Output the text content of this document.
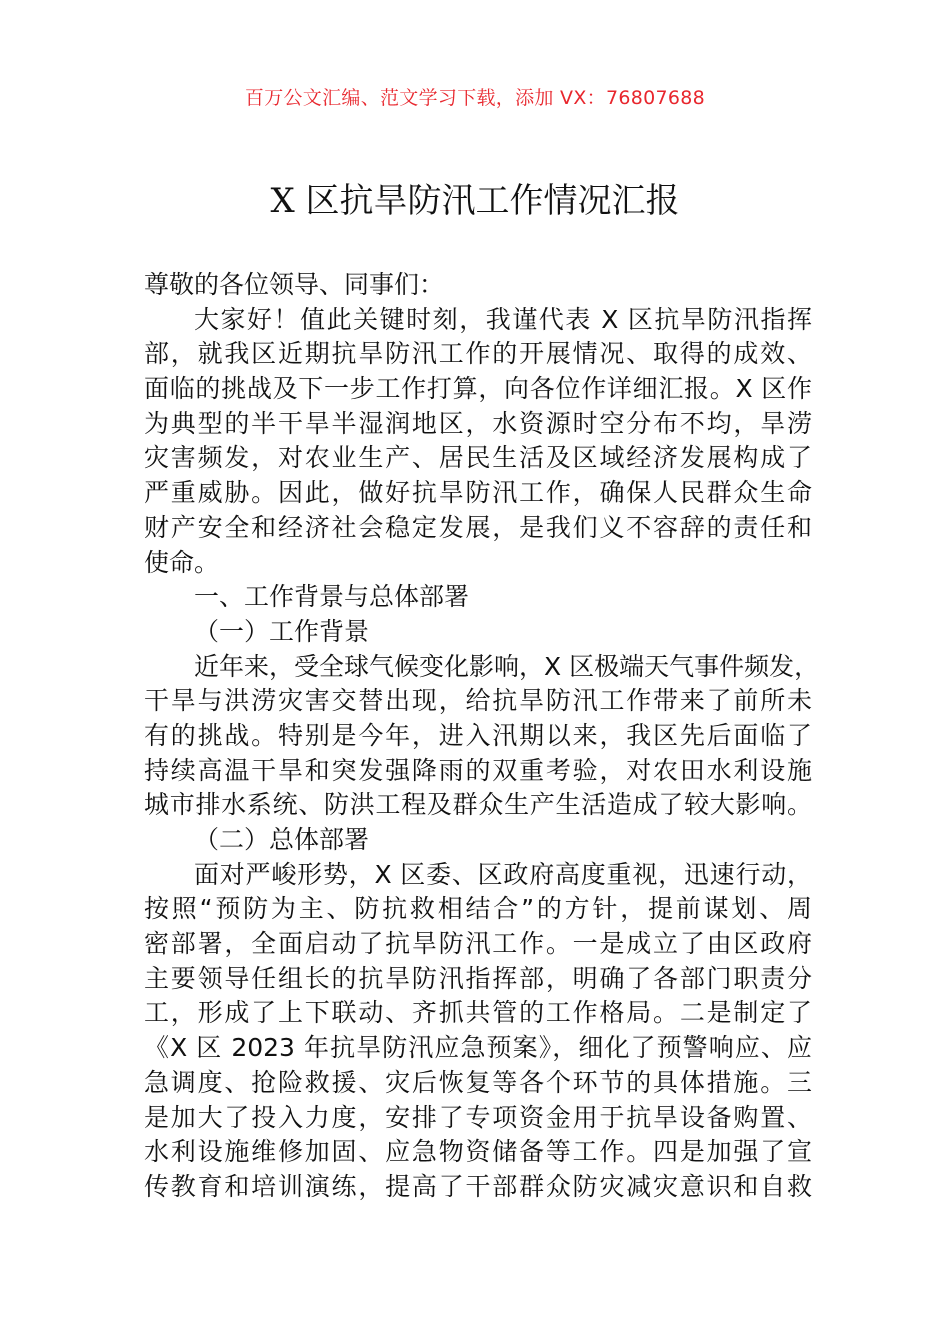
百万公文汇编、范文学习下载，添加 VX：76807688
X 区抗旱防汛工作情况汇报
尊敬的各位领导、同事们：
大家好！值此关键时刻，我谨代表 X 区抗旱防汛指挥
部，就我区近期抗旱防汛工作的开展情况、取得的成效、
面临的挑战及下一步工作打算，向各位作详细汇报。X 区作
为典型的半干旱半湿润地区，水资源时空分布不均，旱涝
灾害频发，对农业生产、居民生活及区域经济发展构成了
严重威胁。因此，做好抗旱防汛工作，确保人民群众生命
财产安全和经济社会稳定发展，是我们义不容辞的责任和
使命。
一、工作背景与总体部署
（一）工作背景
近年来，受全球气候变化影响，X 区极端天气事件频发，
干旱与洪涝灾害交替出现，给抗旱防汛工作带来了前所未
有的挑战。特别是今年，进入汛期以来，我区先后面临了
持续高温干旱和突发强降雨的双重考验，对农田水利设施
城市排水系统、防洪工程及群众生产生活造成了较大影响。
（二）总体部署
面对严峻形势，X 区委、区政府高度重视，迅速行动，
按照“预防为主、防抗救相结合”的方针，提前谋划、周
密部署，全面启动了抗旱防汛工作。一是成立了由区政府
主要领导任组长的抗旱防汛指挥部，明确了各部门职责分
工，形成了上下联动、齐抓共管的工作格局。二是制定了
《X 区 2023 年抗旱防汛应急预案》，细化了预警响应、应
急调度、抢险救援、灾后恢复等各个环节的具体措施。三
是加大了投入力度，安排了专项资金用于抗旱设备购置、
水利设施维修加固、应急物资储备等工作。四是加强了宣
传教育和培训演练，提高了干部群众防灾减灾意识和自救
